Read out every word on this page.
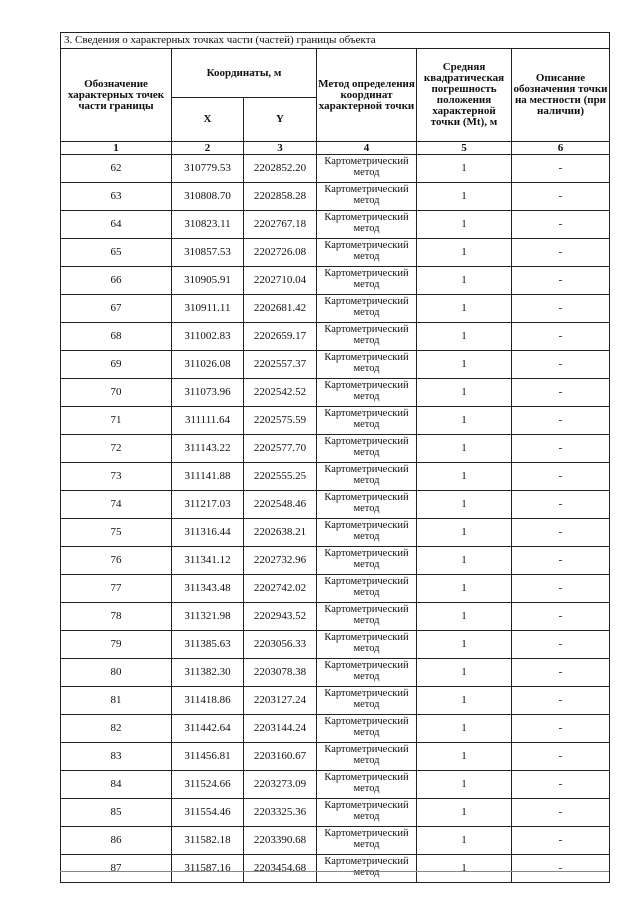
3. Сведения о характерных точках части (частей) границы объекта					
Обозначение характерных точек части границы	Координаты, м		Метод определения координат характерной точки	Средняя квадратическая погрешность положения характерной точки (Mt), м	Описание обозначения точки на местности (при наличии)
	X	Y			
1	2	3	4	5	6
62	310779.53	2202852.20	Картометрический метод	1	-
63	310808.70	2202858.28	Картометрический метод	1	-
64	310823.11	2202767.18	Картометрический метод	1	-
65	310857.53	2202726.08	Картометрический метод	1	-
66	310905.91	2202710.04	Картометрический метод	1	-
67	310911.11	2202681.42	Картометрический метод	1	-
68	311002.83	2202659.17	Картометрический метод	1	-
69	311026.08	2202557.37	Картометрический метод	1	-
70	311073.96	2202542.52	Картометрический метод	1	-
71	311111.64	2202575.59	Картометрический метод	1	-
72	311143.22	2202577.70	Картометрический метод	1	-
73	311141.88	2202555.25	Картометрический метод	1	-
74	311217.03	2202548.46	Картометрический метод	1	-
75	311316.44	2202638.21	Картометрический метод	1	-
76	311341.12	2202732.96	Картометрический метод	1	-
77	311343.48	2202742.02	Картометрический метод	1	-
78	311321.98	2202943.52	Картометрический метод	1	-
79	311385.63	2203056.33	Картометрический метод	1	-
80	311382.30	2203078.38	Картометрический метод	1	-
81	311418.86	2203127.24	Картометрический метод	1	-
82	311442.64	2203144.24	Картометрический метод	1	-
83	311456.81	2203160.67	Картометрический метод	1	-
84	311524.66	2203273.09	Картометрический метод	1	-
85	311554.46	2203325.36	Картометрический метод	1	-
86	311582.18	2203390.68	Картометрический метод	1	-
87	311587.16	2203454.68	Картометрический метод	1	-
